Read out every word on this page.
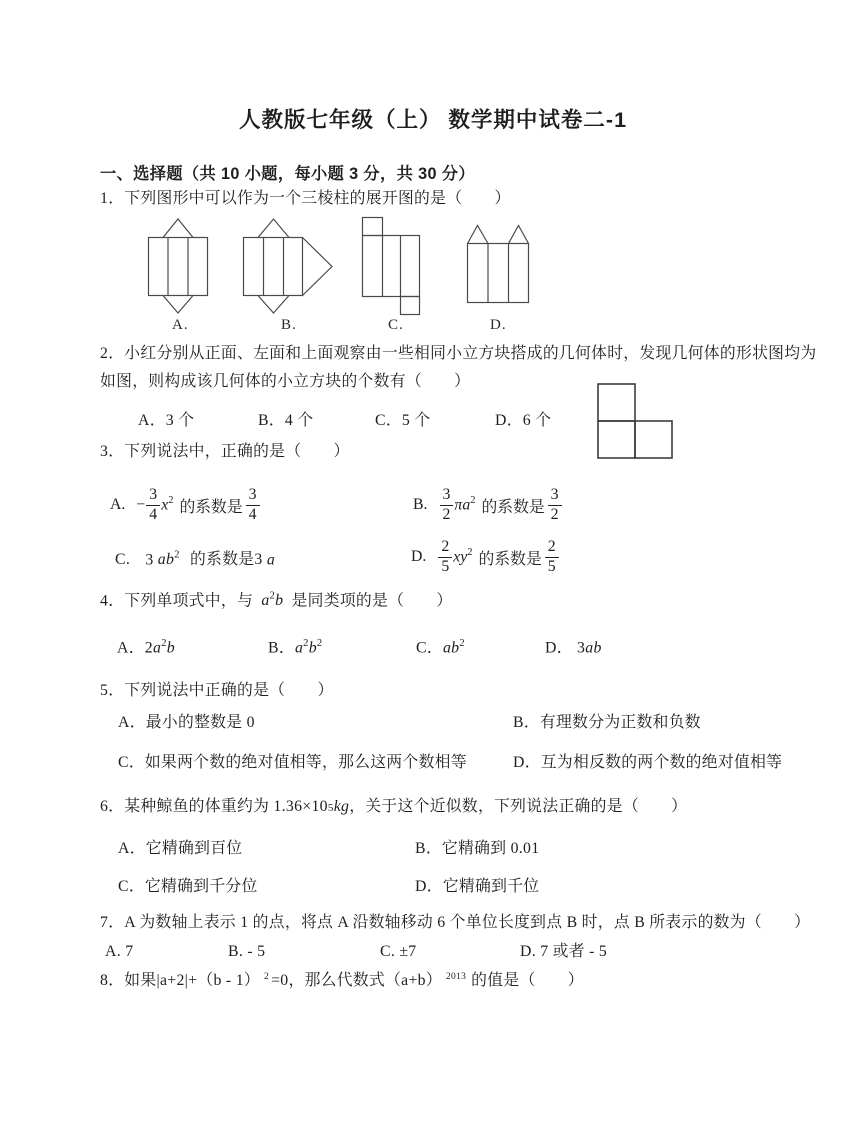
人教版七年级（上） 数学期中试卷二-1
一、选择题（共 10 小题，每小题 3 分，共 30 分）
1．下列图形中可以作为一个三棱柱的展开图的是（　　）
A.	B.	C.	D.
2．小红分别从正面、左面和上面观察由一些相同小立方块搭成的几何体时，发现几何体的形状图均为
如图，则构成该几何体的小立方块的个数有（　　）
A．3 个	B．4 个	C．5 个	D．6 个
3．下列说法中，正确的是（　　）
A. − $\frac{3}{4} x^2$ 的系数是 $\frac{3}{4}$	B. $\frac{3}{2} \pi a^2$ 的系数是 $\frac{3}{2}$
C. 3 $ab^2$ 的系数是3 a	D. $\frac{2}{5} xy^2$ 的系数是 $\frac{2}{5}$
4．下列单项式中，与 $a^2b$ 是同类项的是（　　）
A．$2a^2b$	B．$a^2b^2$	C．$ab^2$	D． 3ab
5．下列说法中正确的是（　　）
A．最小的整数是 0	B．有理数分为正数和负数
C．如果两个数的绝对值相等，那么这两个数相等	D．互为相反数的两个数的绝对值相等
6．某种鲸鱼的体重约为 1.36×105kg，关于这个近似数，下列说法正确的是（　　）
A．它精确到百位	B．它精确到 0.01
C．它精确到千分位	D．它精确到千位
7．A 为数轴上表示 1 的点，将点 A 沿数轴移动 6 个单位长度到点 B 时，点 B 所表示的数为（　　）
A. 7	B. - 5	C. ±7	D. 7 或者 - 5
8．如果|a+2|+（b - 1） $^2$ =0，那么代数式（a+b） $^{2013}$ 的值是（　　）
